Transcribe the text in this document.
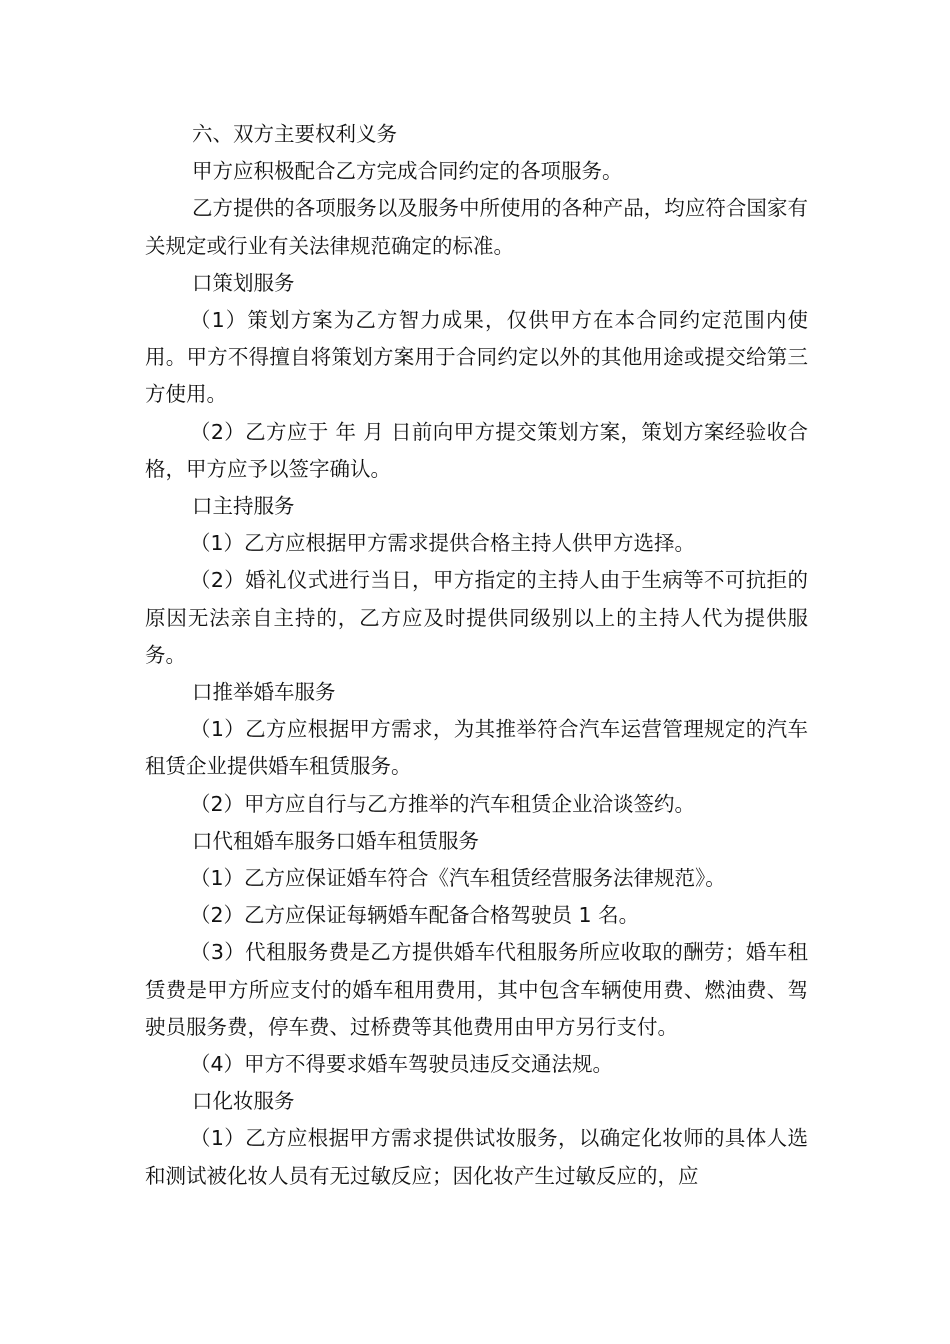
六、双方主要权利义务

甲方应积极配合乙方完成合同约定的各项服务。

乙方提供的各项服务以及服务中所使用的各种产品，均应符合国家有关规定或行业有关法律规范确定的标准。

口策划服务

（1）策划方案为乙方智力成果，仅供甲方在本合同约定范围内使用。甲方不得擅自将策划方案用于合同约定以外的其他用途或提交给第三方使用。

（2）乙方应于 年 月 日前向甲方提交策划方案，策划方案经验收合格，甲方应予以签字确认。

口主持服务

（1）乙方应根据甲方需求提供合格主持人供甲方选择。

（2）婚礼仪式进行当日，甲方指定的主持人由于生病等不可抗拒的原因无法亲自主持的，乙方应及时提供同级别以上的主持人代为提供服务。

口推举婚车服务

（1）乙方应根据甲方需求，为其推举符合汽车运营管理规定的汽车租赁企业提供婚车租赁服务。

（2）甲方应自行与乙方推举的汽车租赁企业洽谈签约。

口代租婚车服务口婚车租赁服务

（1）乙方应保证婚车符合《汽车租赁经营服务法律规范》。

（2）乙方应保证每辆婚车配备合格驾驶员 1 名。

（3）代租服务费是乙方提供婚车代租服务所应收取的酬劳；婚车租赁费是甲方所应支付的婚车租用费用，其中包含车辆使用费、燃油费、驾驶员服务费，停车费、过桥费等其他费用由甲方另行支付。

（4）甲方不得要求婚车驾驶员违反交通法规。

口化妆服务

（1）乙方应根据甲方需求提供试妆服务，以确定化妆师的具体人选和测试被化妆人员有无过敏反应；因化妆产生过敏反应的，应
